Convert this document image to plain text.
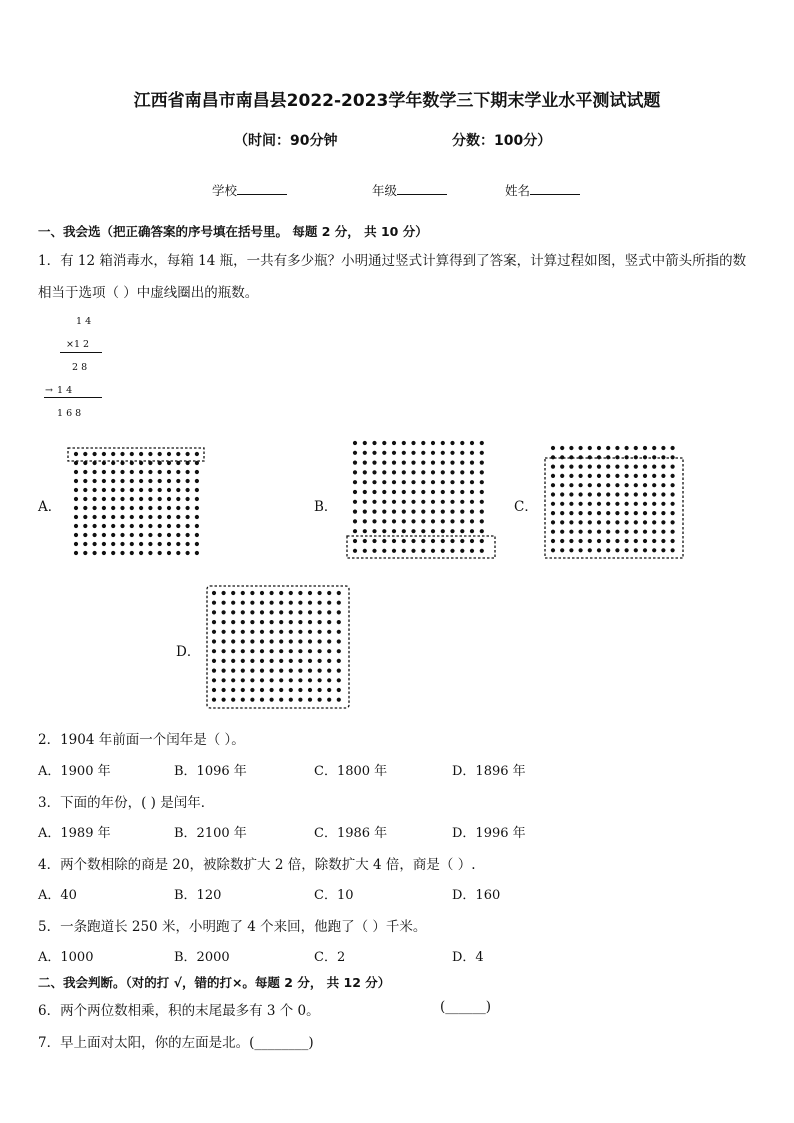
江西省南昌市南昌县2022-2023学年数学三下期末学业水平测试试题
（时间：90分钟	分数：100分）
学校	年级	姓名
一、我会选（把正确答案的序号填在括号里。 每题 2 分， 共 10 分）
1．有 12 箱消毒水，每箱 14 瓶，一共有多少瓶？小明通过竖式计算得到了答案，计算过程如图，竖式中箭头所指的数
相当于选项（ ）中虚线圈出的瓶数。
1 4
×1 2
2 8
→ 1 4
1 6 8
A．	B．	C．
D．
2．1904 年前面一个闰年是（ ）。
A．1900 年	B．1096 年	C．1800 年	D．1896 年
3．下面的年份，( ) 是闰年．
A．1989 年	B．2100 年	C．1986 年	D．1996 年
4．两个数相除的商是 20，被除数扩大 2 倍，除数扩大 4 倍，商是（ ）.
A．40	B．120	C．10	D．160
5．一条跑道长 250 米，小明跑了 4 个来回，他跑了（ ）千米。
A．1000	B．2000	C．2	D．4
二、我会判断。（对的打 √，错的打×。每题 2 分， 共 12 分）
6．两个两位数相乘，积的末尾最多有 3 个 0。	(______)
7．早上面对太阳，你的左面是北。(________)
